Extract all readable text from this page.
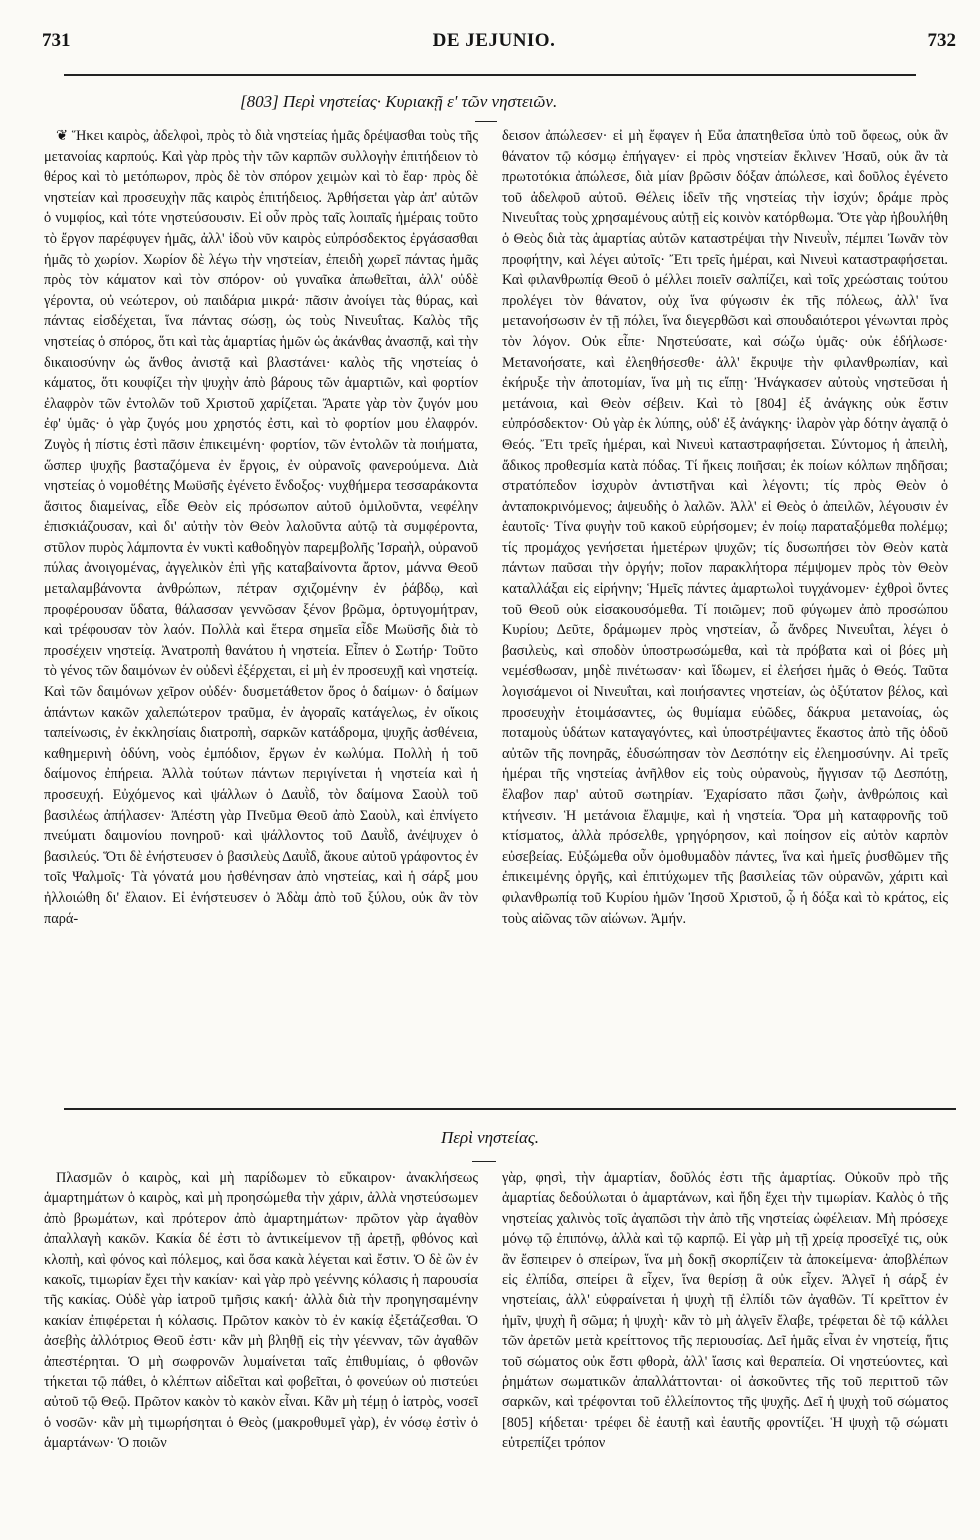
731	DE JEJUNIO.	732
[803] Περὶ νηστείας· Κυριακῇ ε' τῶν νηστειῶν.

❦ Ἥκει καιρὸς, ἀδελφοὶ, πρὸς τὸ διὰ νηστείας ἡμᾶς δρέψασθαι τοὺς τῆς μετανοίας καρπούς. Καὶ γὰρ πρὸς τὴν τῶν καρπῶν συλλογὴν ἐπιτήδειον τὸ θέρος καὶ τὸ μετόπωρον, πρὸς δὲ τὸν σπόρον χειμὼν καὶ τὸ ἔαρ· πρὸς δὲ νηστείαν καὶ προσευχὴν πᾶς καιρὸς ἐπιτήδειος. Ἀρθήσεται γὰρ ἀπ' αὐτῶν ὁ νυμφίος, καὶ τότε νηστεύσουσιν. Εἰ οὖν πρὸς ταῖς λοιπαῖς ἡμέραις τοῦτο τὸ ἔργον παρέφυγεν ἡμᾶς, ἀλλ' ἰδοὺ νῦν καιρὸς εὐπρόσδεκτος ἐργάσασθαι ἡμᾶς τὸ χωρίον. Χωρίον δὲ λέγω τὴν νηστείαν, ἐπειδὴ χωρεῖ πάντας ἡμᾶς πρὸς τὸν κάματον καὶ τὸν σπόρον· οὐ γυναῖκα ἀπωθεῖται, ἀλλ' οὐδὲ γέροντα, οὐ νεώτερον, οὐ παιδάρια μικρά· πᾶσιν ἀνοίγει τὰς θύρας, καὶ πάντας εἰσδέχεται, ἵνα πάντας σώσῃ, ὡς τοὺς Νινευΐτας. Καλὸς τῆς νηστείας ὁ σπόρος, ὅτι καὶ τὰς ἁμαρτίας ἡμῶν ὡς ἀκάνθας ἀνασπᾷ, καὶ τὴν δικαιοσύνην ὡς ἄνθος ἀνιστᾷ καὶ βλαστάνει· καλὸς τῆς νηστείας ὁ κάματος, ὅτι κουφίζει τὴν ψυχὴν ἀπὸ βάρους τῶν ἁμαρτιῶν, καὶ φορτίον ἐλαφρὸν τῶν ἐντολῶν τοῦ Χριστοῦ χαρίζεται. Ἄρατε γὰρ τὸν ζυγόν μου ἐφ' ὑμᾶς· ὁ γὰρ ζυγός μου χρηστός ἐστι, καὶ τὸ φορτίον μου ἐλαφρόν. Ζυγὸς ἡ πίστις ἐστὶ πᾶσιν ἐπικειμένη· φορτίον, τῶν ἐντολῶν τὰ ποιήματα, ὥσπερ ψυχῆς βασταζόμενα ἐν ἔργοις, ἐν οὐρανοῖς φανερούμενα. Διὰ νηστείας ὁ νομοθέτης Μωϋσῆς ἐγένετο ἔνδοξος· νυχθήμερα τεσσαράκοντα ἄσιτος διαμείνας, εἶδε Θεὸν εἰς πρόσωπον αὐτοῦ ὁμιλοῦντα, νεφέλην ἐπισκιάζουσαν, καὶ δι' αὐτὴν τὸν Θεὸν λαλοῦντα αὐτῷ τὰ συμφέροντα, στῦλον πυρὸς λάμποντα ἐν νυκτὶ καθοδηγὸν παρεμβολῆς Ἰσραὴλ, οὐρανοῦ πύλας ἀνοιγομένας, ἀγγελικὸν ἐπὶ γῆς καταβαίνοντα ἄρτον, μάννα Θεοῦ μεταλαμβάνοντα ἀνθρώπων, πέτραν σχιζομένην ἐν ῥάβδῳ, καὶ προφέρουσαν ὕδατα, θάλασσαν γεννῶσαν ξένον βρῶμα, ὀρτυγομήτραν, καὶ τρέφουσαν τὸν λαόν. Πολλὰ καὶ ἕτερα σημεῖα εἶδε Μωϋσῆς διὰ τὸ προσέχειν νηστείᾳ. Ἀνατροπὴ θανάτου ἡ νηστεία. Εἶπεν ὁ Σωτήρ· Τοῦτο τὸ γένος τῶν δαιμόνων ἐν οὐδενὶ ἐξέρχεται, εἰ μὴ ἐν προσευχῇ καὶ νηστείᾳ. Καὶ τῶν δαιμόνων χεῖρον οὐδέν· δυσμετάθετον ὅρος ὁ δαίμων· ὁ δαίμων ἁπάντων κακῶν χαλεπώτερον τραῦμα, ἐν ἀγοραῖς κατάγελως, ἐν οἴκοις ταπείνωσις, ἐν ἐκκλησίαις διατροπὴ, σαρκῶν κατάδρομα, ψυχῆς ἀσθένεια, καθημερινὴ ὀδύνη, νοὸς ἐμπόδιον, ἔργων ἐν κωλύμα. Πολλὴ ἡ τοῦ δαίμονος ἐπήρεια. Ἀλλὰ τούτων πάντων περιγίνεται ἡ νηστεία καὶ ἡ προσευχή. Εὐχόμενος καὶ ψάλλων ὁ Δαυῒδ, τὸν δαίμονα Σαοὺλ τοῦ βασιλέως ἀπήλασεν· Ἀπέστη γὰρ Πνεῦμα Θεοῦ ἀπὸ Σαοὺλ, καὶ ἐπνίγετο πνεύματι δαιμονίου πονηροῦ· καὶ ψάλλοντος τοῦ Δαυῒδ, ἀνέψυχεν ὁ βασιλεύς. Ὅτι δὲ ἐνήστευσεν ὁ βασιλεὺς Δαυῒδ, ἄκουε αὐτοῦ γράφοντος ἐν τοῖς Ψαλμοῖς· Τὰ γόνατά μου ἠσθένησαν ἀπὸ νηστείας, καὶ ἡ σάρξ μου ἠλλοιώθη δι' ἔλαιον. Εἰ ἐνήστευσεν ὁ Ἀδὰμ ἀπὸ τοῦ ξύλου, οὐκ ἂν τὸν παρά-

δεισον ἀπώλεσεν· εἰ μὴ ἔφαγεν ἡ Εὔα ἀπατηθεῖσα ὑπὸ τοῦ ὄφεως, οὐκ ἂν θάνατον τῷ κόσμῳ ἐπήγαγεν· εἰ πρὸς νηστείαν ἔκλινεν Ἠσαῦ, οὐκ ἂν τὰ πρωτοτόκια ἀπώλεσε, διὰ μίαν βρῶσιν δόξαν ἀπώλεσε, καὶ δοῦλος ἐγένετο τοῦ ἀδελφοῦ αὐτοῦ. Θέλεις ἰδεῖν τῆς νηστείας τὴν ἰσχύν; δράμε πρὸς Νινευΐτας τοὺς χρησαμένους αὐτῇ εἰς κοινὸν κατόρθωμα. Ὅτε γὰρ ἠβουλήθη ὁ Θεὸς διὰ τὰς ἁμαρτίας αὐτῶν καταστρέψαι τὴν Νινευῒν, πέμπει Ἰωνᾶν τὸν προφήτην, καὶ λέγει αὐτοῖς· Ἔτι τρεῖς ἡμέραι, καὶ Νινευὶ καταστραφήσεται. Καὶ φιλανθρωπίᾳ Θεοῦ ὁ μέλλει ποιεῖν σαλπίζει, καὶ τοῖς χρεώσταις τούτου προλέγει τὸν θάνατον, οὐχ ἵνα φύγωσιν ἐκ τῆς πόλεως, ἀλλ' ἵνα μετανοήσωσιν ἐν τῇ πόλει, ἵνα διεγερθῶσι καὶ σπουδαιότεροι γένωνται πρὸς τὸν λόγον. Οὐκ εἶπε· Νηστεύσατε, καὶ σώζω ὑμᾶς· οὐκ ἐδήλωσε· Μετανοήσατε, καὶ ἐλεηθήσεσθε· ἀλλ' ἔκρυψε τὴν φιλανθρωπίαν, καὶ ἐκήρυξε τὴν ἀποτομίαν, ἵνα μὴ τις εἴπῃ· Ἠνάγκασεν αὐτοὺς νηστεῦσαι ἡ μετάνοια, καὶ Θεὸν σέβειν. Καὶ τὸ [804] ἐξ ἀνάγκης οὐκ ἔστιν εὐπρόσδεκτον· Οὐ γὰρ ἐκ λύπης, οὐδ' ἐξ ἀνάγκης· ἱλαρὸν γὰρ δότην ἀγαπᾷ ὁ Θεός. Ἔτι τρεῖς ἡμέραι, καὶ Νινευὶ καταστραφήσεται. Σύντομος ἡ ἀπειλὴ, ἄδικος προθεσμία κατὰ πόδας. Τί ἥκεις ποιῆσαι; ἐκ ποίων κόλπων πηδῆσαι; στρατόπεδον ἰσχυρὸν ἀντιστῆναι καὶ λέγοντι; τίς πρὸς Θεὸν ὁ ἀνταποκρινόμενος; ἀψευδὴς ὁ λαλῶν. Ἀλλ' εἰ Θεὸς ὁ ἀπειλῶν, λέγουσιν ἐν ἑαυτοῖς· Τίνα φυγὴν τοῦ κακοῦ εὑρήσομεν; ἐν ποίῳ παραταξόμεθα πολέμῳ; τίς προμάχος γενήσεται ἡμετέρων ψυχῶν; τίς δυσωπήσει τὸν Θεὸν κατὰ πάντων παῦσαι τὴν ὀργήν; ποῖον παρακλήτορα πέμψομεν πρὸς τὸν Θεὸν καταλλάξαι εἰς εἰρήνην; Ἡμεῖς πάντες ἁμαρτωλοὶ τυγχάνομεν· ἐχθροὶ ὄντες τοῦ Θεοῦ οὐκ εἰσακουσόμεθα. Τί ποιῶμεν; ποῦ φύγωμεν ἀπὸ προσώπου Κυρίου; Δεῦτε, δράμωμεν πρὸς νηστείαν, ὦ ἄνδρες Νινευΐται, λέγει ὁ βασιλεὺς, καὶ σποδὸν ὑποστρωσώμεθα, καὶ τὰ πρόβατα καὶ οἱ βόες μὴ νεμέσθωσαν, μηδὲ πινέτωσαν· καὶ ἴδωμεν, εἰ ἐλεήσει ἡμᾶς ὁ Θεός. Ταῦτα λογισάμενοι οἱ Νινευΐται, καὶ ποιήσαντες νηστείαν, ὡς ὀξύτατον βέλος, καὶ προσευχὴν ἑτοιμάσαντες, ὡς θυμίαμα εὐῶδες, δάκρυα μετανοίας, ὡς ποταμοὺς ὑδάτων καταγαγόντες, καὶ ὑποστρέψαντες ἕκαστος ἀπὸ τῆς ὁδοῦ αὐτῶν τῆς πονηρᾶς, ἐδυσώπησαν τὸν Δεσπότην εἰς ἐλεημοσύνην. Αἱ τρεῖς ἡμέραι τῆς νηστείας ἀνῆλθον εἰς τοὺς οὐρανοὺς, ἤγγισαν τῷ Δεσπότῃ, ἔλαβον παρ' αὐτοῦ σωτηρίαν. Ἐχαρίσατο πᾶσι ζωὴν, ἀνθρώποις καὶ κτήνεσιν. Ἡ μετάνοια ἔλαμψε, καὶ ἡ νηστεία. Ὅρα μὴ καταφρονῆς τοῦ κτίσματος, ἀλλὰ πρόσελθε, γρηγόρησον, καὶ ποίησον εἰς αὐτὸν καρπὸν εὐσεβείας. Εὐξώμεθα οὖν ὁμοθυμαδὸν πάντες, ἵνα καὶ ἡμεῖς ῥυσθῶμεν τῆς ἐπικειμένης ὀργῆς, καὶ ἐπιτύχωμεν τῆς βασιλείας τῶν οὐρανῶν, χάριτι καὶ φιλανθρωπίᾳ τοῦ Κυρίου ἡμῶν Ἰησοῦ Χριστοῦ, ᾧ ἡ δόξα καὶ τὸ κράτος, εἰς τοὺς αἰῶνας τῶν αἰώνων. Ἀμήν.

Περὶ νηστείας.

Πλασμῶν ὁ καιρὸς, καὶ μὴ παρίδωμεν τὸ εὔκαιρον· ἀνακλήσεως ἁμαρτημάτων ὁ καιρὸς, καὶ μὴ προησώμεθα τὴν χάριν, ἀλλὰ νηστεύσωμεν ἀπὸ βρωμάτων, καὶ πρότερον ἀπὸ ἁμαρτημάτων· πρῶτον γὰρ ἀγαθὸν ἀπαλλαγὴ κακῶν. Κακία δέ ἐστι τὸ ἀντικείμενον τῇ ἀρετῇ, φθόνος καὶ κλοπὴ, καὶ φόνος καὶ πόλεμος, καὶ ὅσα κακὰ λέγεται καὶ ἔστιν. Ὁ δὲ ὢν ἐν κακοῖς, τιμωρίαν ἔχει τὴν κακίαν· καὶ γὰρ πρὸ γεέννης κόλασις ἡ παρουσία τῆς κακίας. Οὐδὲ γὰρ ἰατροῦ τμῆσις κακή· ἀλλὰ διὰ τὴν προηγησαμένην κακίαν ἐπιφέρεται ἡ κόλασις. Πρῶτον κακὸν τὸ ἐν κακίᾳ ἐξετάζεσθαι. Ὁ ἀσεβὴς ἀλλότριος Θεοῦ ἐστι· κἂν μὴ βληθῇ εἰς τὴν γέενναν, τῶν ἀγαθῶν ἀπεστέρηται. Ὁ μὴ σωφρονῶν λυμαίνεται ταῖς ἐπιθυμίαις, ὁ φθονῶν τήκεται τῷ πάθει, ὁ κλέπτων αἰδεῖται καὶ φοβεῖται, ὁ φονεύων οὐ πιστεύει αὐτοῦ τῷ Θεῷ. Πρῶτον κακὸν τὸ κακὸν εἶναι. Κἂν μὴ τέμῃ ὁ ἰατρὸς, νοσεῖ ὁ νοσῶν· κἂν μὴ τιμωρήσηται ὁ Θεὸς (μακροθυμεῖ γὰρ), ἐν νόσῳ ἐστὶν ὁ ἁμαρτάνων· Ὁ ποιῶν

γὰρ, φησὶ, τὴν ἁμαρτίαν, δοῦλός ἐστι τῆς ἁμαρτίας. Οὐκοῦν πρὸ τῆς ἁμαρτίας δεδούλωται ὁ ἁμαρτάνων, καὶ ἤδη ἔχει τὴν τιμωρίαν. Καλὸς ὁ τῆς νηστείας χαλινὸς τοῖς ἀγαπῶσι τὴν ἀπὸ τῆς νηστείας ὠφέλειαν. Μὴ πρόσεχε μόνῳ τῷ ἐπιπόνῳ, ἀλλὰ καὶ τῷ καρπῷ. Εἰ γὰρ μὴ τῇ χρείᾳ προσεῖχέ τις, οὐκ ἂν ἔσπειρεν ὁ σπείρων, ἵνα μὴ δοκῇ σκορπίζειν τὰ ἀποκείμενα· ἀποβλέπων εἰς ἐλπίδα, σπείρει ἃ εἶχεν, ἵνα θερίσῃ ἃ οὐκ εἶχεν. Ἀλγεῖ ἡ σάρξ ἐν νηστείαις, ἀλλ' εὐφραίνεται ἡ ψυχὴ τῇ ἐλπίδι τῶν ἀγαθῶν. Τί κρεῖττον ἐν ἡμῖν, ψυχὴ ἢ σῶμα; ἡ ψυχὴ· κἂν τὸ μὴ ἀλγεῖν ἔλαβε, τρέφεται δὲ τῷ κάλλει τῶν ἀρετῶν μετὰ κρείττονος τῆς περιουσίας. Δεῖ ἡμᾶς εἶναι ἐν νηστείᾳ, ἥτις τοῦ σώματος οὐκ ἔστι φθορὰ, ἀλλ' ἴασις καὶ θεραπεία. Οἱ νηστεύοντες, καὶ ῥημάτων σωματικῶν ἀπαλλάττονται· οἱ ἀσκοῦντες τῆς τοῦ περιττοῦ τῶν σαρκῶν, καὶ τρέφονται τοῦ ἐλλείποντος τῆς ψυχῆς. Δεῖ ἡ ψυχὴ τοῦ σώματος [805] κήδεται· τρέφει δὲ ἑαυτῇ καὶ ἑαυτῆς φροντίζει. Ἡ ψυχὴ τῷ σώματι εὐτρεπίζει τρόπον
